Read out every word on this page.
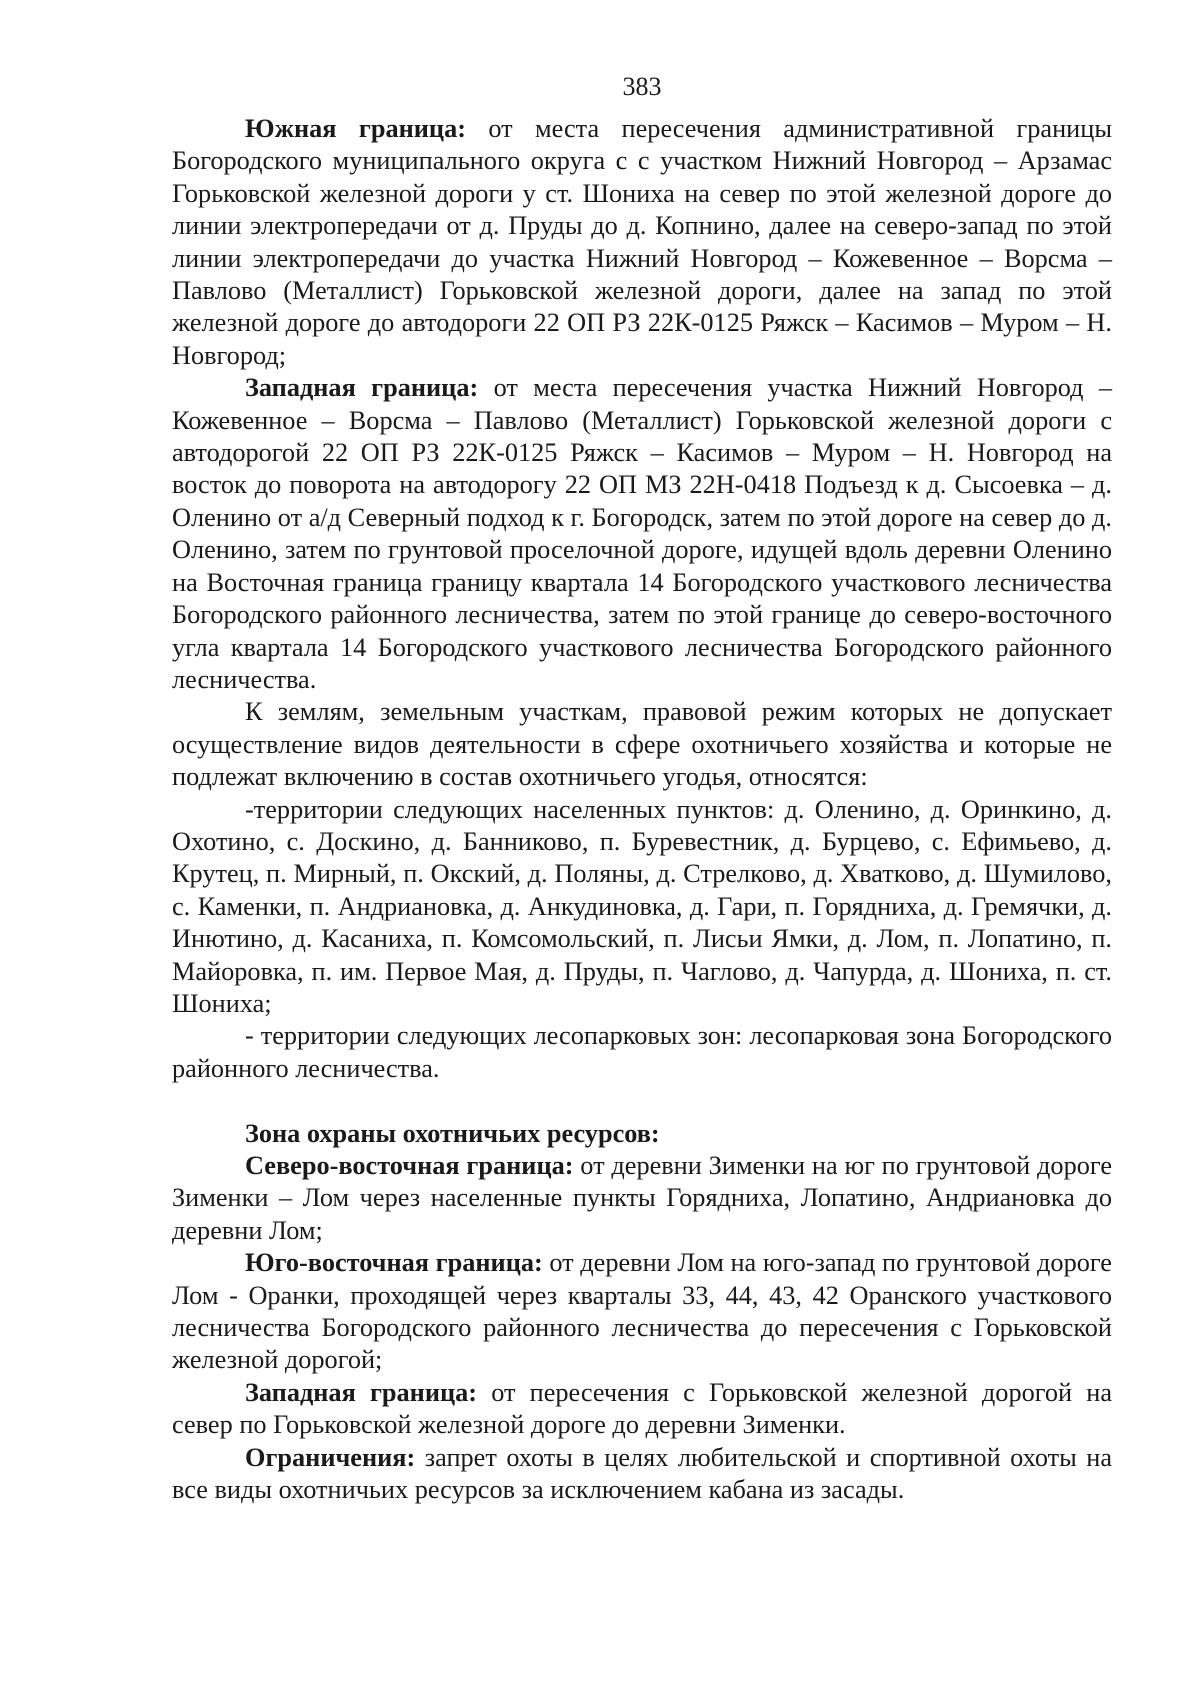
383

Южная граница: от места пересечения административной границы Богородского муниципального округа с с участком Нижний Новгород – Арзамас Горьковской железной дороги у ст. Шониха на север по этой железной дороге до линии электропередачи от д. Пруды до д. Копнино, далее на северо-запад по этой линии электропередачи до участка Нижний Новгород – Кожевенное – Ворсма – Павлово (Металлист) Горьковской железной дороги, далее на запад по этой железной дороге до автодороги 22 ОП РЗ 22К-0125 Ряжск – Касимов – Муром – Н. Новгород;

Западная граница: от места пересечения участка Нижний Новгород – Кожевенное – Ворсма – Павлово (Металлист) Горьковской железной дороги с автодорогой 22 ОП РЗ 22К-0125 Ряжск – Касимов – Муром – Н. Новгород на восток до поворота на автодорогу 22 ОП МЗ 22Н-0418 Подъезд к д. Сысоевка – д. Оленино от а/д Северный подход к г. Богородск, затем по этой дороге на север до д. Оленино, затем по грунтовой проселочной дороге, идущей вдоль деревни Оленино на Восточная граница границу квартала 14 Богородского участкового лесничества Богородского районного лесничества, затем по этой границе до северо-восточного угла квартала 14 Богородского участкового лесничества Богородского районного лесничества.

К землям, земельным участкам, правовой режим которых не допускает осуществление видов деятельности в сфере охотничьего хозяйства и которые не подлежат включению в состав охотничьего угодья, относятся:

-территории следующих населенных пунктов: д. Оленино, д. Оринкино, д. Охотино, с. Доскино, д. Банниково, п. Буревестник, д. Бурцево, с. Ефимьево, д. Крутец, п. Мирный, п. Окский, д. Поляны, д. Стрелково, д. Хватково, д. Шумилово, с. Каменки, п. Андриановка, д. Анкудиновка, д. Гари, п. Горядниха, д. Гремячки, д. Инютино, д. Касаниха, п. Комсомольский, п. Лисьи Ямки, д. Лом, п. Лопатино, п. Майоровка, п. им. Первое Мая, д. Пруды, п. Чаглово, д. Чапурда, д. Шониха, п. ст. Шониха;

- территории следующих лесопарковых зон: лесопарковая зона Богородского районного лесничества.

Зона охраны охотничьих ресурсов:

Северо-восточная граница: от деревни Зименки на юг по грунтовой дороге Зименки – Лом через населенные пункты Горядниха, Лопатино, Андриановка до деревни Лом;

Юго-восточная граница: от деревни Лом на юго-запад по грунтовой дороге Лом - Оранки, проходящей через кварталы 33, 44, 43, 42 Оранского участкового лесничества Богородского районного лесничества до пересечения с Горьковской железной дорогой;

Западная граница: от пересечения с Горьковской железной дорогой на север по Горьковской железной дороге до деревни Зименки.

Ограничения: запрет охоты в целях любительской и спортивной охоты на все виды охотничьих ресурсов за исключением кабана из засады.
